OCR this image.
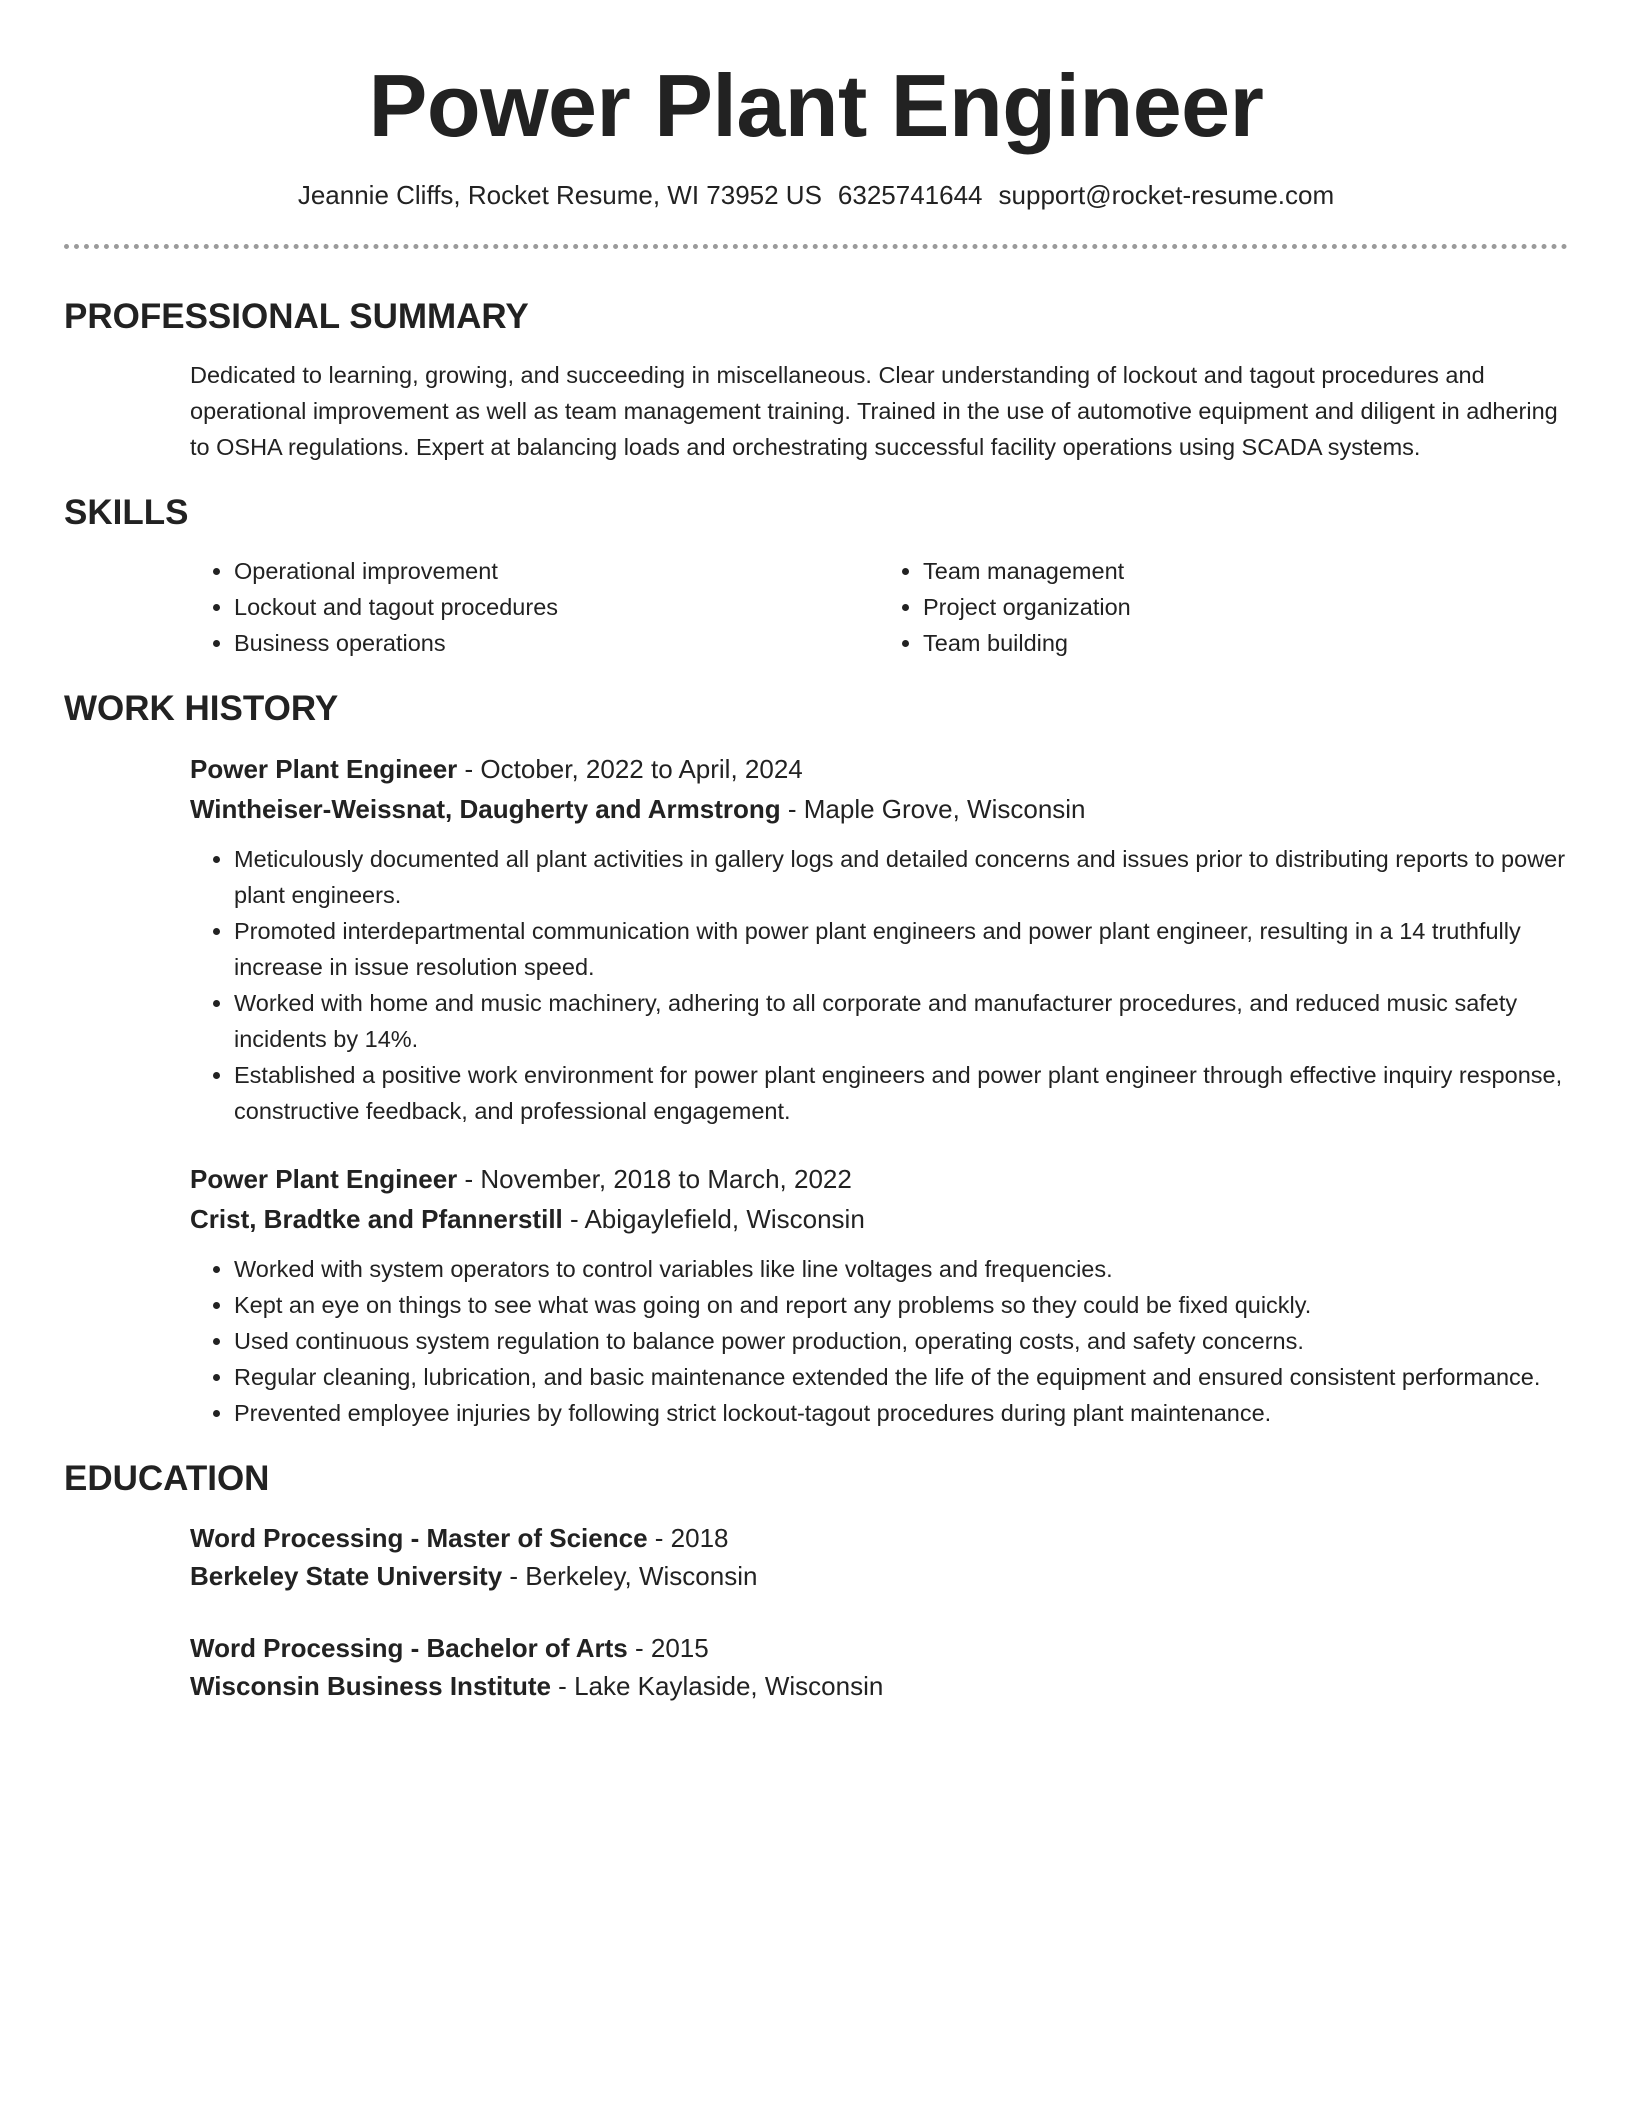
Power Plant Engineer
Jeannie Cliffs, Rocket Resume, WI 73952 US 6325741644 support@rocket-resume.com
PROFESSIONAL SUMMARY

Dedicated to learning, growing, and succeeding in miscellaneous. Clear understanding of lockout and tagout procedures and operational improvement as well as team management training. Trained in the use of automotive equipment and diligent in adhering to OSHA regulations. Expert at balancing loads and orchestrating successful facility operations using SCADA systems.

SKILLS
• Operational improvement
• Lockout and tagout procedures
• Business operations
• Team management
• Project organization
• Team building
WORK HISTORY
Power Plant Engineer - October, 2022 to April, 2024
Wintheiser-Weissnat, Daugherty and Armstrong - Maple Grove, Wisconsin
• Meticulously documented all plant activities in gallery logs and detailed concerns and issues prior to distributing reports to power plant engineers.
• Promoted interdepartmental communication with power plant engineers and power plant engineer, resulting in a 14 truthfully increase in issue resolution speed.
• Worked with home and music machinery, adhering to all corporate and manufacturer procedures, and reduced music safety incidents by 14%.
• Established a positive work environment for power plant engineers and power plant engineer through effective inquiry response, constructive feedback, and professional engagement.
Power Plant Engineer - November, 2018 to March, 2022
Crist, Bradtke and Pfannerstill - Abigaylefield, Wisconsin
• Worked with system operators to control variables like line voltages and frequencies.
• Kept an eye on things to see what was going on and report any problems so they could be fixed quickly.
• Used continuous system regulation to balance power production, operating costs, and safety concerns.
• Regular cleaning, lubrication, and basic maintenance extended the life of the equipment and ensured consistent performance.
• Prevented employee injuries by following strict lockout-tagout procedures during plant maintenance.
EDUCATION
Word Processing - Master of Science - 2018
Berkeley State University - Berkeley, Wisconsin
Word Processing - Bachelor of Arts - 2015
Wisconsin Business Institute - Lake Kaylaside, Wisconsin
